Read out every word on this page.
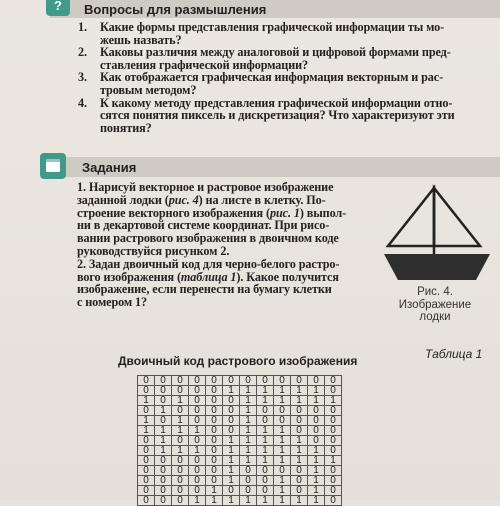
?	Вопросы для размышления
1. Какие формы представления графической информации ты мо-
жешь назвать?
2. Каковы различия между аналоговой и цифровой формами пред-
ставления графической информации?
3. Как отображается графическая информация векторным и рас-
тровым методом?
4. К какому методу представления графической информации отно-
сятся понятия пиксель и дискретизация? Что характеризуют эти
понятия?
Задания
1. Нарисуй векторное и растровое изображение
заданной лодки (рис. 4) на листе в клетку. По-
строение векторного изображения (рис. 1) выпол-
ни в декартовой системе координат. При рисо-
вании растрового изображения в двоичном коде
руководствуйся рисунком 2.
2. Задан двоичный код для черно-белого растро-
вого изображения (таблица 1). Какое получится
изображение, если перенести на бумагу клетки
с номером 1?
Рис. 4.
Изображение
лодки
Таблица 1
Двоичный код растрового изображения
0	0	0	0	0	0	0	0	0	0	0	0
0	0	0	0	0	1	1	1	1	1	1	0
1	0	1	0	0	0	1	1	1	1	1	1
0	1	0	0	0	0	1	0	0	0	0	0
1	0	1	0	0	0	1	0	0	0	0	0
1	1	1	1	0	0	1	1	1	0	0	0
0	1	0	0	0	1	1	1	1	1	0	0
0	1	1	1	0	1	1	1	1	1	1	0
0	0	0	0	0	1	1	1	1	1	1	1
0	0	0	0	0	1	0	0	0	0	1	0
0	0	0	0	0	1	0	0	1	0	1	0
0	0	0	0	1	0	0	0	1	0	1	0
0	0	0	1	1	1	1	1	1	1	1	0
